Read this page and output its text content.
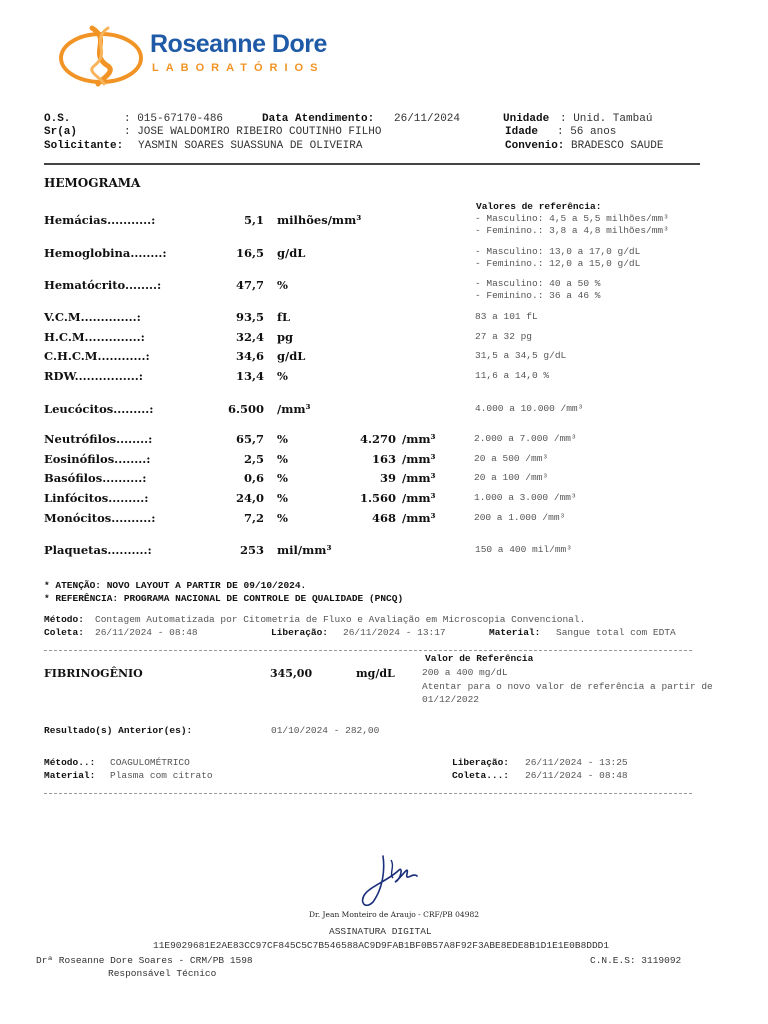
Roseanne Dore
LABORATÓRIOS
O.S.	: 015-67170-486	Data Atendimento: 26/11/2024	Unidade : Unid. Tambaú
Sr(a)	: JOSE WALDOMIRO RIBEIRO COUTINHO FILHO	Idade : 56 anos
Solicitante: YASMIN SOARES SUASSUNA DE OLIVEIRA	Convenio: BRADESCO SAUDE
HEMOGRAMA
Valores de referência:
Hemácias...........:	5,1 milhões/mm³	- Masculino: 4,5 a 5,5 milhões/mm³
- Feminino.: 3,8 a 4,8 milhões/mm³
Hemoglobina........:	16,5 g/dL	- Masculino: 13,0 a 17,0 g/dL
- Feminino.: 12,0 a 15,0 g/dL
Hematócrito........:	47,7 %	- Masculino: 40 a 50 %
- Feminino.: 36 a 46 %
V.C.M..............:	93,5 fL	83 a 101 fL
H.C.M..............:	32,4 pg	27 a 32 pg
C.H.C.M............:	34,6 g/dL	31,5 a 34,5 g/dL
RDW................:	13,4 %	11,6 a 14,0 %
Leucócitos.........:	6.500 /mm³	4.000 a 10.000 /mm³
Neutrófilos........:	65,7 %	4.270 /mm³	2.000 a 7.000 /mm³
Eosinófilos........:	2,5 %	163 /mm³	20 a 500 /mm³
Basófilos..........:	0,6 %	39 /mm³	20 a 100 /mm³
Linfócitos.........:	24,0 %	1.560 /mm³	1.000 a 3.000 /mm³
Monócitos..........:	7,2 %	468 /mm³	200 a 1.000 /mm³
Plaquetas..........:	253 mil/mm³	150 a 400 mil/mm³
* ATENÇÃO: NOVO LAYOUT A PARTIR DE 09/10/2024.
* REFERÊNCIA: PROGRAMA NACIONAL DE CONTROLE DE QUALIDADE (PNCQ)
Método: Contagem Automatizada por Citometria de Fluxo e Avaliação em Microscopia Convencional.
Coleta: 26/11/2024 - 08:48	Liberação: 26/11/2024 - 13:17	Material: Sangue total com EDTA
Valor de Referência
FIBRINOGÊNIO	345,00	mg/dL	200 a 400 mg/dL
Atentar para o novo valor de referência a partir de
01/12/2022
Resultado(s) Anterior(es):	01/10/2024 - 282,00
Método..: COAGULOMÉTRICO
Material: Plasma com citrato
Liberação: 26/11/2024 - 13:25
Coleta...: 26/11/2024 - 08:48
Dr. Jean Monteiro de Araujo - CRF/PB 04982
ASSINATURA DIGITAL
11E9029681E2AE83CC97CF845C5C7B546588AC9D9FAB1BF0B57A8F92F3ABE8EDE8B1D1E1E0B8DDD1
Drª Roseanne Dore Soares - CRM/PB 1598	C.N.E.S: 3119092
Responsável Técnico
